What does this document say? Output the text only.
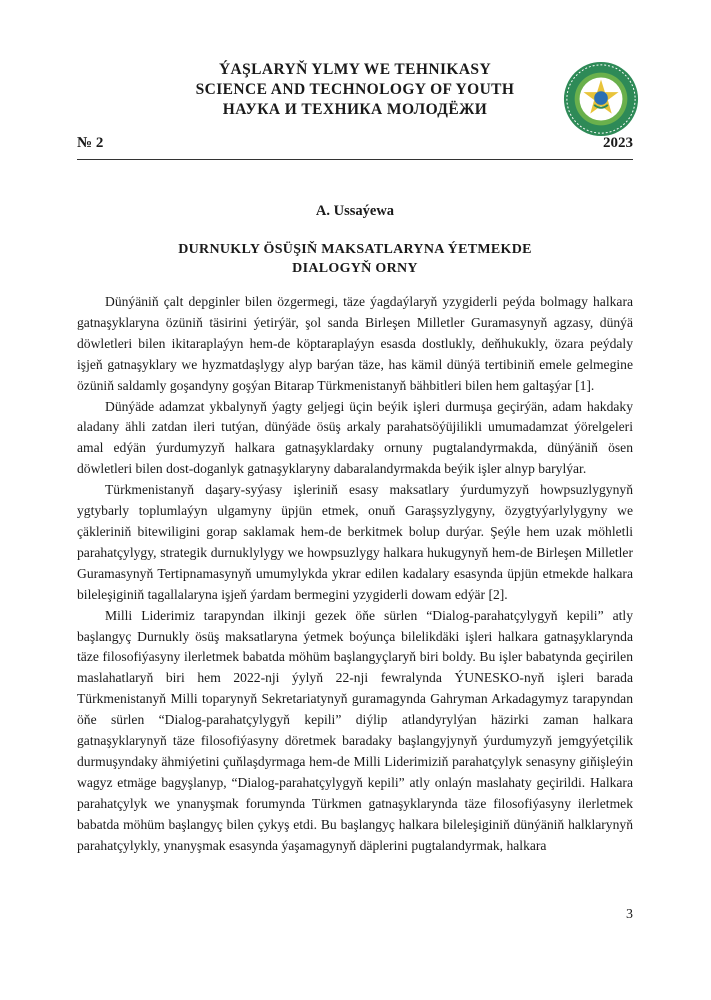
ÝAŞLARYŇ YLMY WE TEHNIKASY
SCIENCE AND TECHNOLOGY OF YOUTH
НАУКА И ТЕХНИКА МОЛОДЁЖИ
№ 2	2023
A. Ussaýewa
DURNUKLY ÖSÜŞIŇ MAKSATLARYNA ÝETMEKDE
DIALOGYŇ ORNY

Dünýäniň çalt depginler bilen özgermegi, täze ýagdaýlaryň yzygiderli peýda bolmagy halkara gatnaşyklaryna özüniň täsirini ýetirýär, şol sanda Birleşen Milletler Guramasynyň agzasy, dünýä döwletleri bilen ikitaraplaýyn hem-de köptaraplaýyn esasda dostlukly, deňhukukly, özara peýdaly işjeň gatnaşyklary we hyzmatdaşlygy alyp barýan täze, has kämil dünýä tertibiniň emele gelmegine özüniň saldamly goşandyny goşýan Bitarap Türkmenistanyň bähbitleri bilen hem galtaşýar [1].

Dünýäde adamzat ykbalynyň ýagty geljegi üçin beýik işleri durmuşa geçirýän, adam hakdaky aladany ähli zatdan ileri tutýan, dünýäde ösüş arkaly parahatsöýüjilikli umumadamzat ýörelgeleri amal edýän ýurdumyzyň halkara gatnaşyklardaky ornuny pugtalandyrmakda, dünýäniň ösen döwletleri bilen dost-doganlyk gatnaşyklaryny dabaralandyrmakda beýik işler alnyp barylýar.

Türkmenistanyň daşary-syýasy işleriniň esasy maksatlary ýurdumyzyň howpsuzlygynyň ygtybarly toplumlaýyn ulgamyny üpjün etmek, onuň Garaşsyzlygyny, özygtyýarlylygyny we çäkleriniň bitewiligini gorap saklamak hem-de berkitmek bolup durýar. Şeýle hem uzak möhletli parahatçylygy, strategik durnuklylygy we howpsuzlygy halkara hukugynyň hem-de Birleşen Milletler Guramasynyň Tertipnamasynyň umumylykda ykrar edilen kadalary esasynda üpjün etmekde halkara bileleşiginiň tagallalaryna işjeň ýardam bermegini yzygiderli dowam edýär [2].

Milli Liderimiz tarapyndan ilkinji gezek öňe sürlen “Dialog-parahatçylygyň kepili” atly başlangyç Durnukly ösüş maksatlaryna ýetmek boýunça bilelikdäki işleri halkara gatnaşyklarynda täze filosofiýasyny ilerletmek babatda möhüm başlangyçlaryň biri boldy. Bu işler babatynda geçirilen maslahatlaryň biri hem 2022-nji ýylyň 22-nji fewralynda ÝUNESKO-nyň işleri barada Türkmenistanyň Milli toparynyň Sekretariatynyň guramagynda Gahryman Arkadagymyz tarapyndan öňe sürlen “Dialog-parahatçylygyň kepili” diýlip atlandyrylýan häzirki zaman halkara gatnaşyklarynyň täze filosofiýasyny döretmek baradaky başlangyjynyň ýurdumyzyň jemgyýetçilik durmuşyndaky ähmiýetini çuňlaşdyrmaga hem-de Milli Liderimiziň parahatçylyk senasyny giňişleýin wagyz etmäge bagyşlanyp, “Dialog-parahatçylygyň kepili” atly onlaýn maslahaty geçirildi. Halkara parahatçylyk we ynanyşmak forumynda Türkmen gatnaşyklarynda täze filosofiýasyny ilerletmek babatda möhüm başlangyç bilen çykyş etdi. Bu başlangyç halkara bileleşiginiň dünýäniň halklarynyň parahatçylykly, ynanyşmak esasynda ýaşamagynyň däplerini pugtalandyrmak, halkara

3
